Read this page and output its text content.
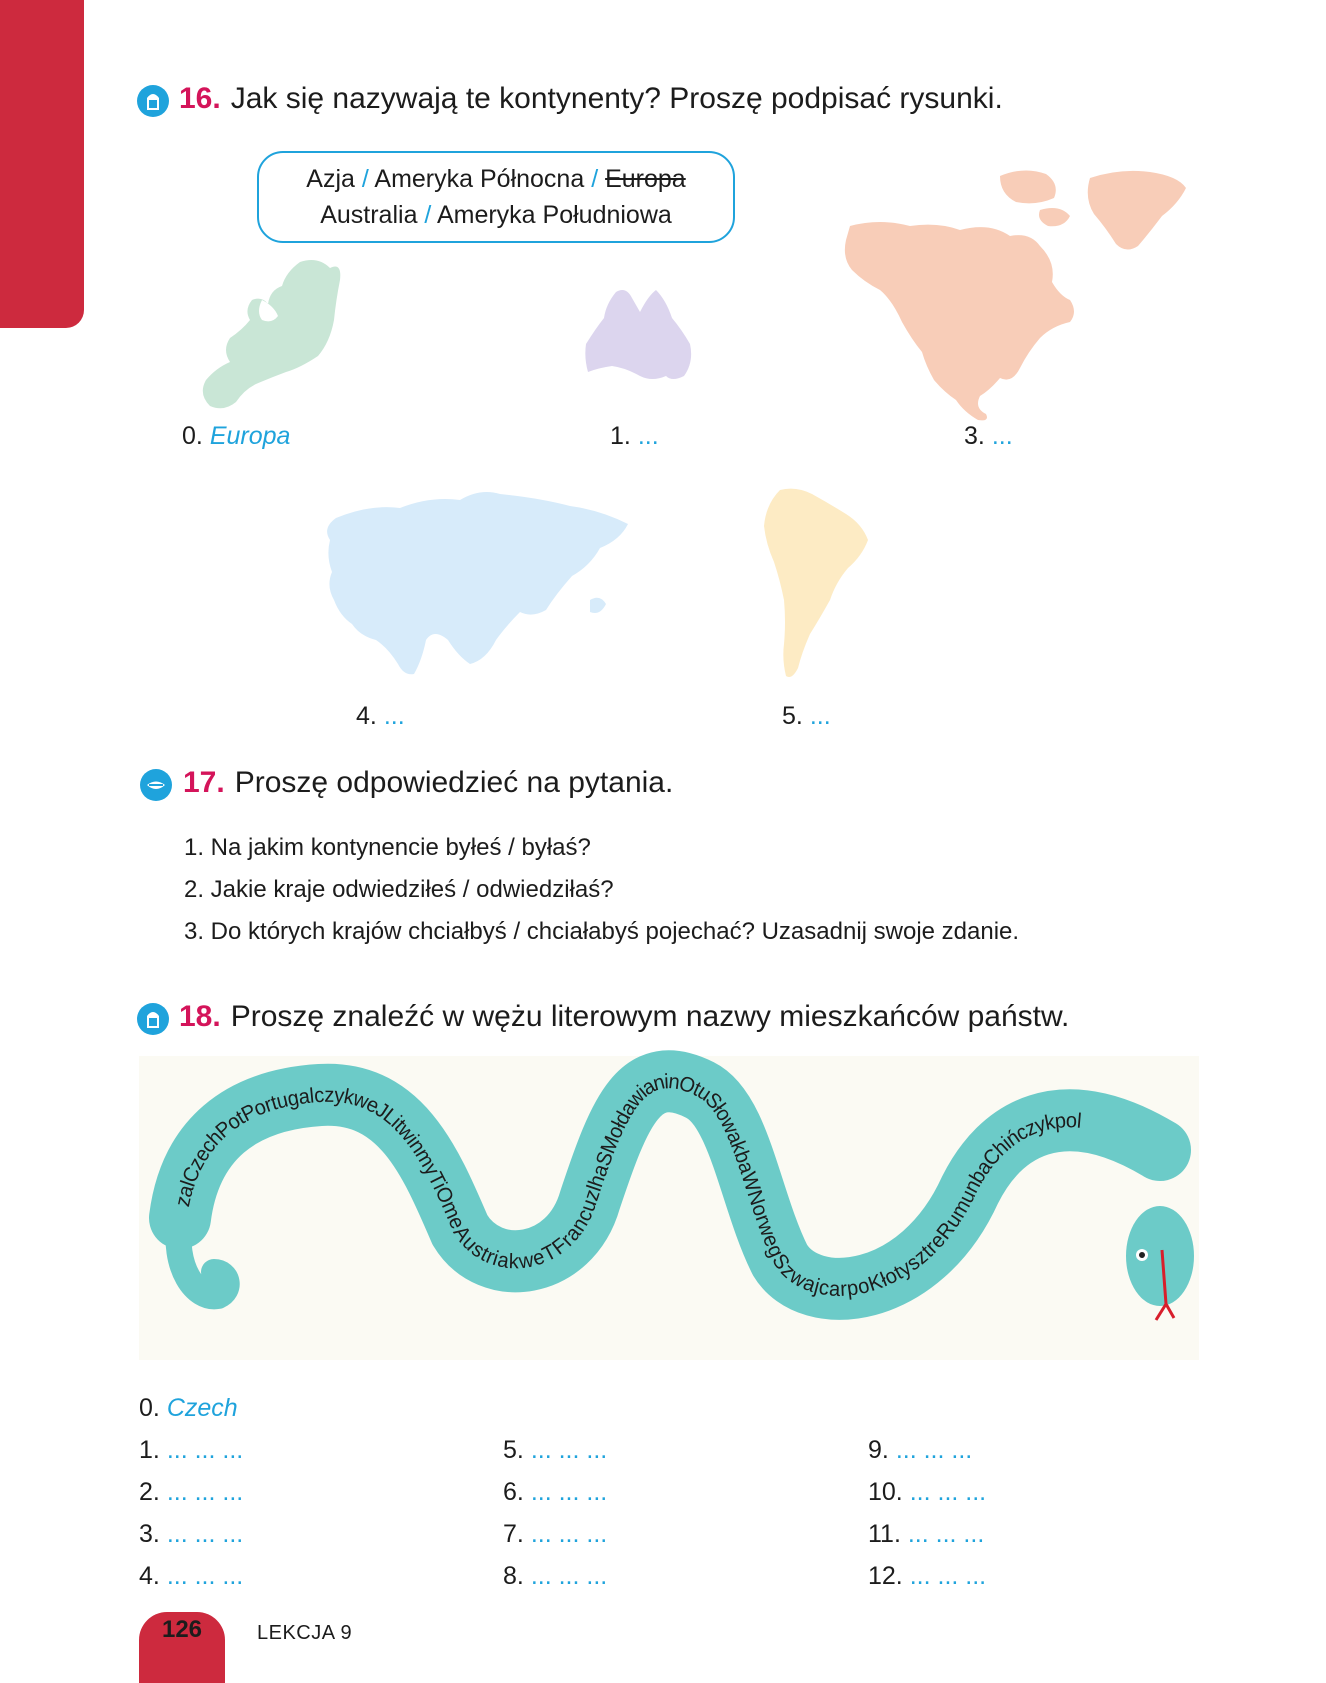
16. Jak się nazywają te kontynenty? Proszę podpisać rysunki.
Azja / Ameryka Północna / Europa
Australia / Ameryka Południowa
0. Europa	1. ...	3. ...
4. ...	5. ...
17. Proszę odpowiedzieć na pytania.
1. Na jakim kontynencie byłeś / byłaś?
2. Jakie kraje odwiedziłeś / odwiedziłaś?
3. Do których krajów chciałbyś / chciałabyś pojechać? Uzasadnij swoje zdanie.
18. Proszę znaleźć w wężu literowym nazwy mieszkańców państw.
zalCzechPotPortugalczykweJLitwinmyTiOmeAustriakweTFrancuzlhaSMołdawianinOtuSłowakbaWNorwegSzwajcarpoKłotysztreRumunbaChińczykpol
0. Czech
1. ... ... ...
2. ... ... ...
3. ... ... ...
4. ... ... ...
5. ... ... ...
6. ... ... ...
7. ... ... ...
8. ... ... ...
9. ... ... ...
10. ... ... ...
11. ... ... ...
12. ... ... ...
126	LEKCJA 9
